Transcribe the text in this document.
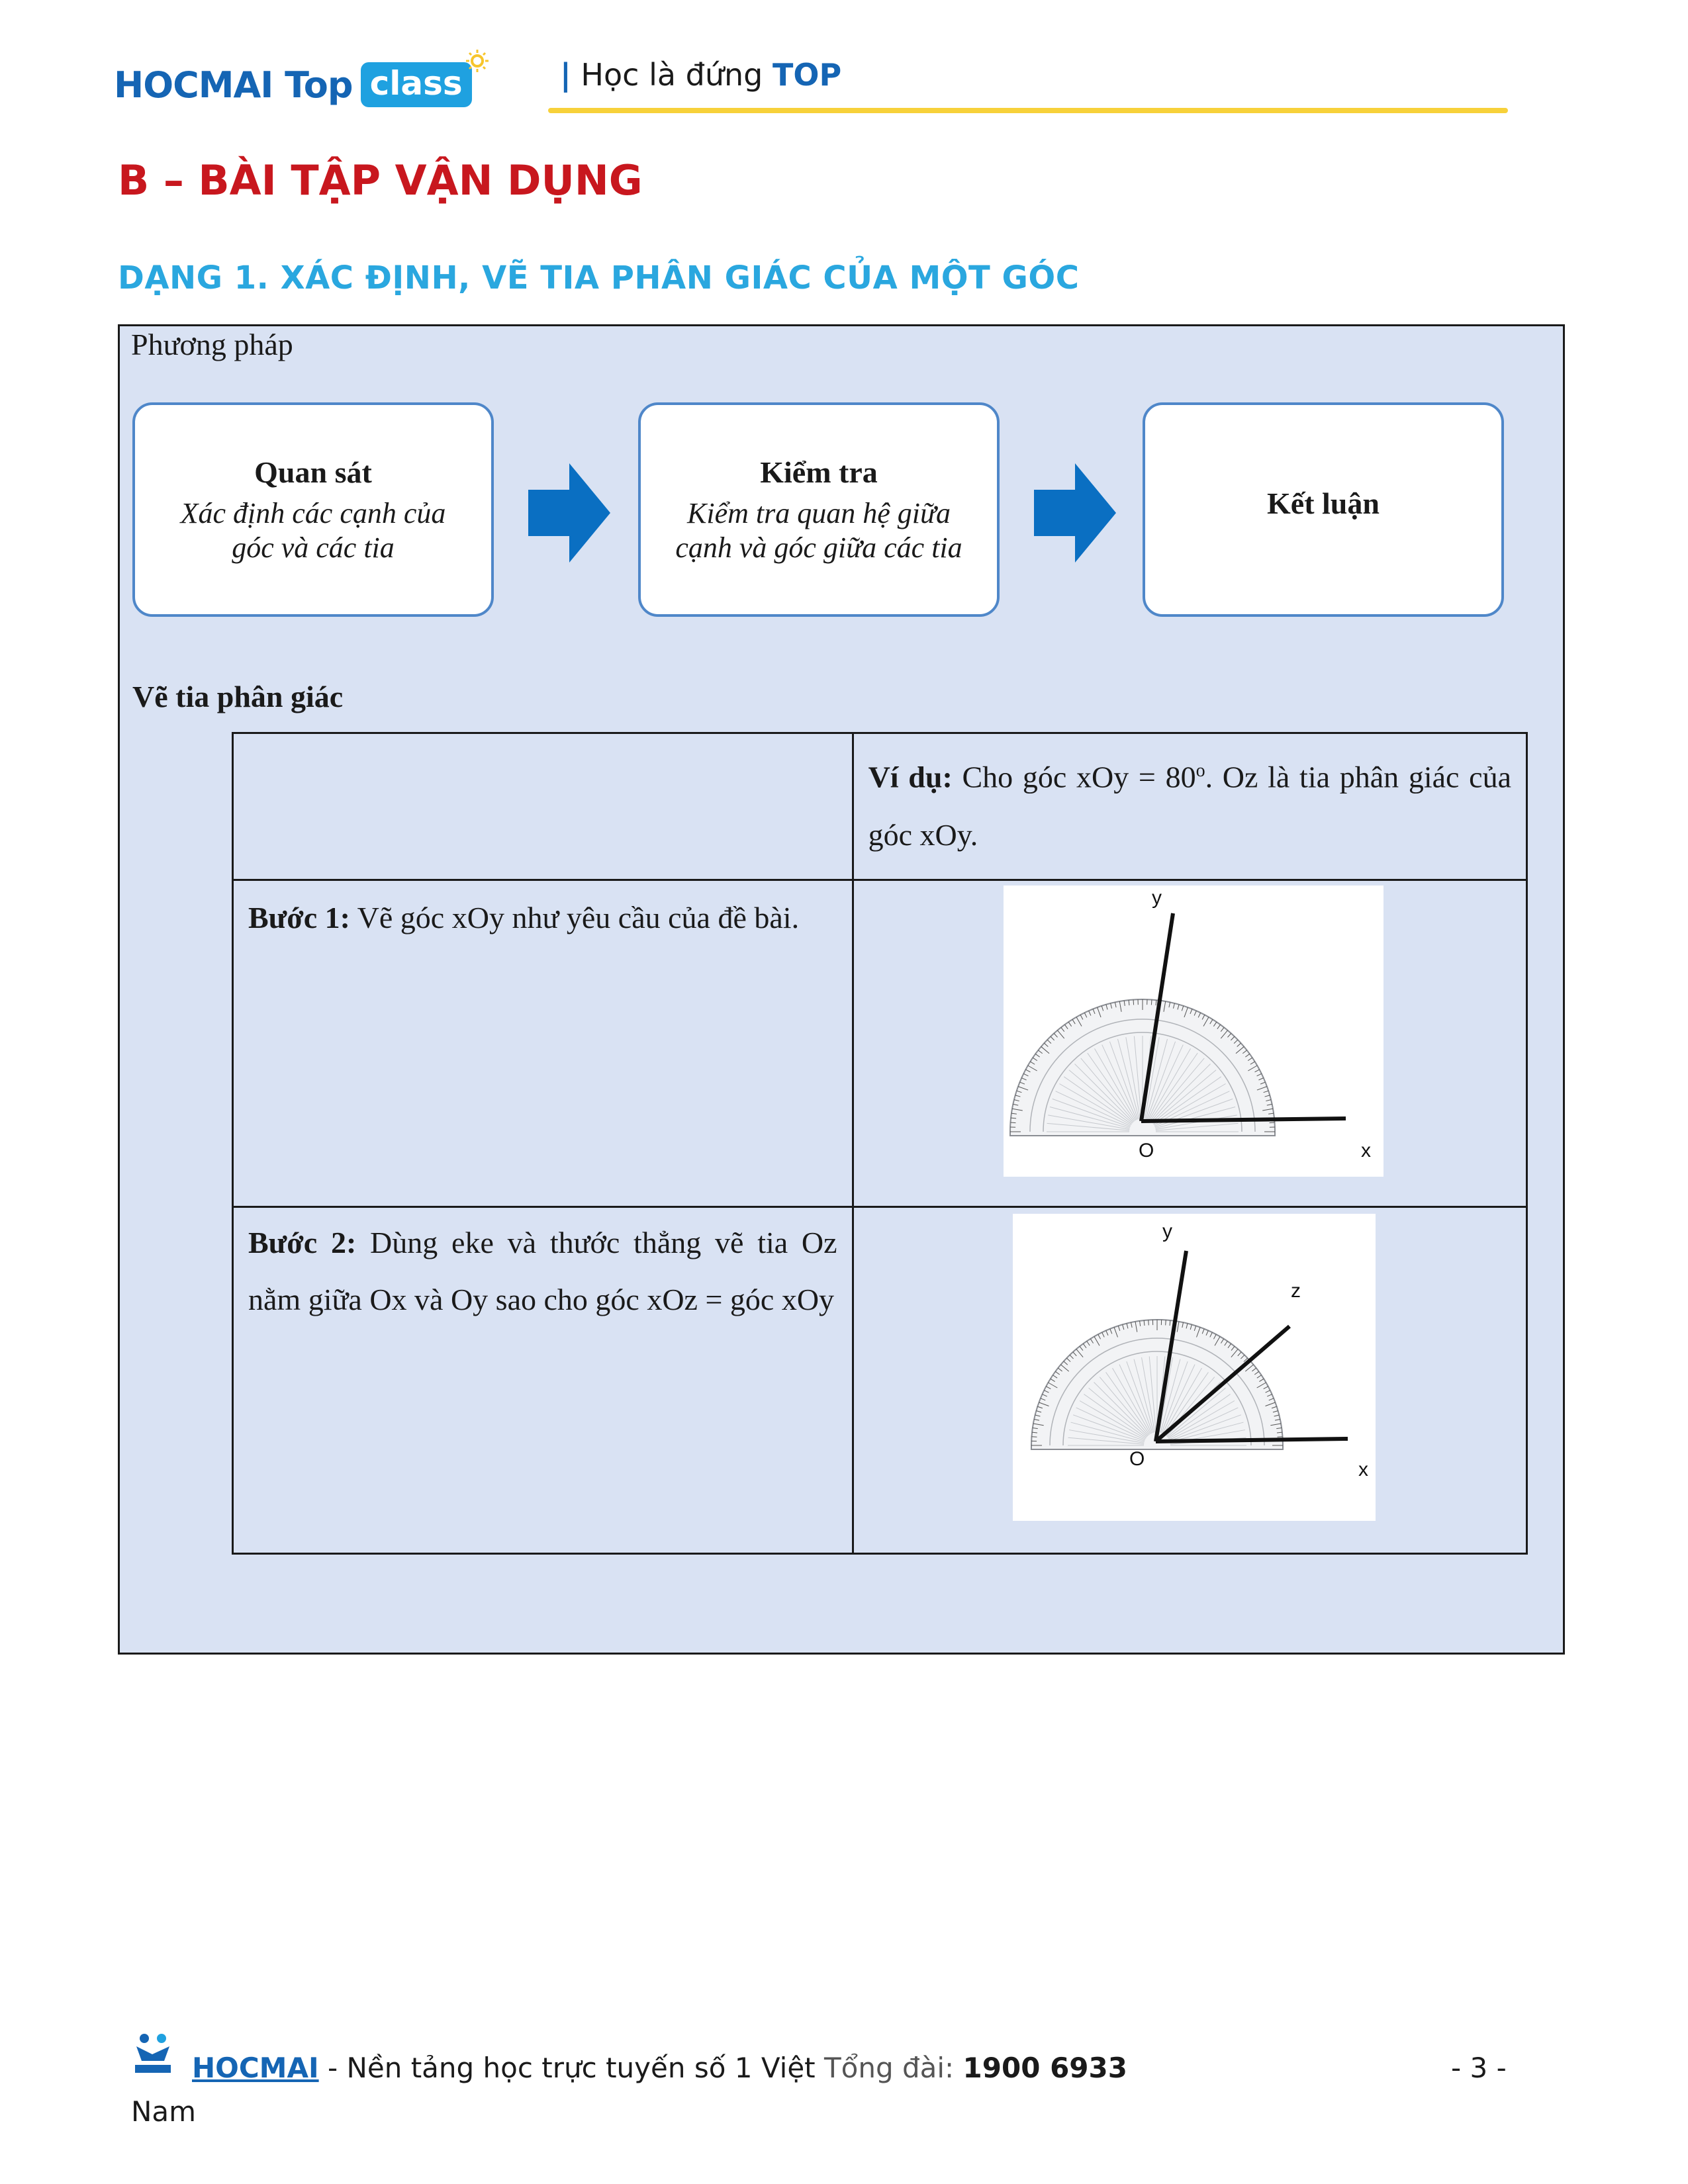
HOCMAI Top class	| Học là đứng TOP
B – BÀI TẬP VẬN DỤNG
DẠNG 1. XÁC ĐỊNH, VẼ TIA PHÂN GIÁC CỦA MỘT GÓC
Phương pháp
Quan sát
Xác định các cạnh của
góc và các tia
Kiểm tra
Kiểm tra quan hệ giữa
cạnh và góc giữa các tia
Kết luận
Vẽ tia phân giác
	Ví dụ: Cho góc xOy = $80^o$. Oz là tia phân giác của góc xOy.
Bước 1: Vẽ góc xOy như yêu cầu của đề bài.	
Bước 2: Dùng eke và thước thẳng vẽ tia Oz nằm giữa Ox và Oy sao cho góc xOz = góc xOy	
y
x
O
y
z
x
O
HOCMAI - Nền tảng học trực tuyến số 1 Việt Tổng đài: 1900 6933
Nam
- 3 -
